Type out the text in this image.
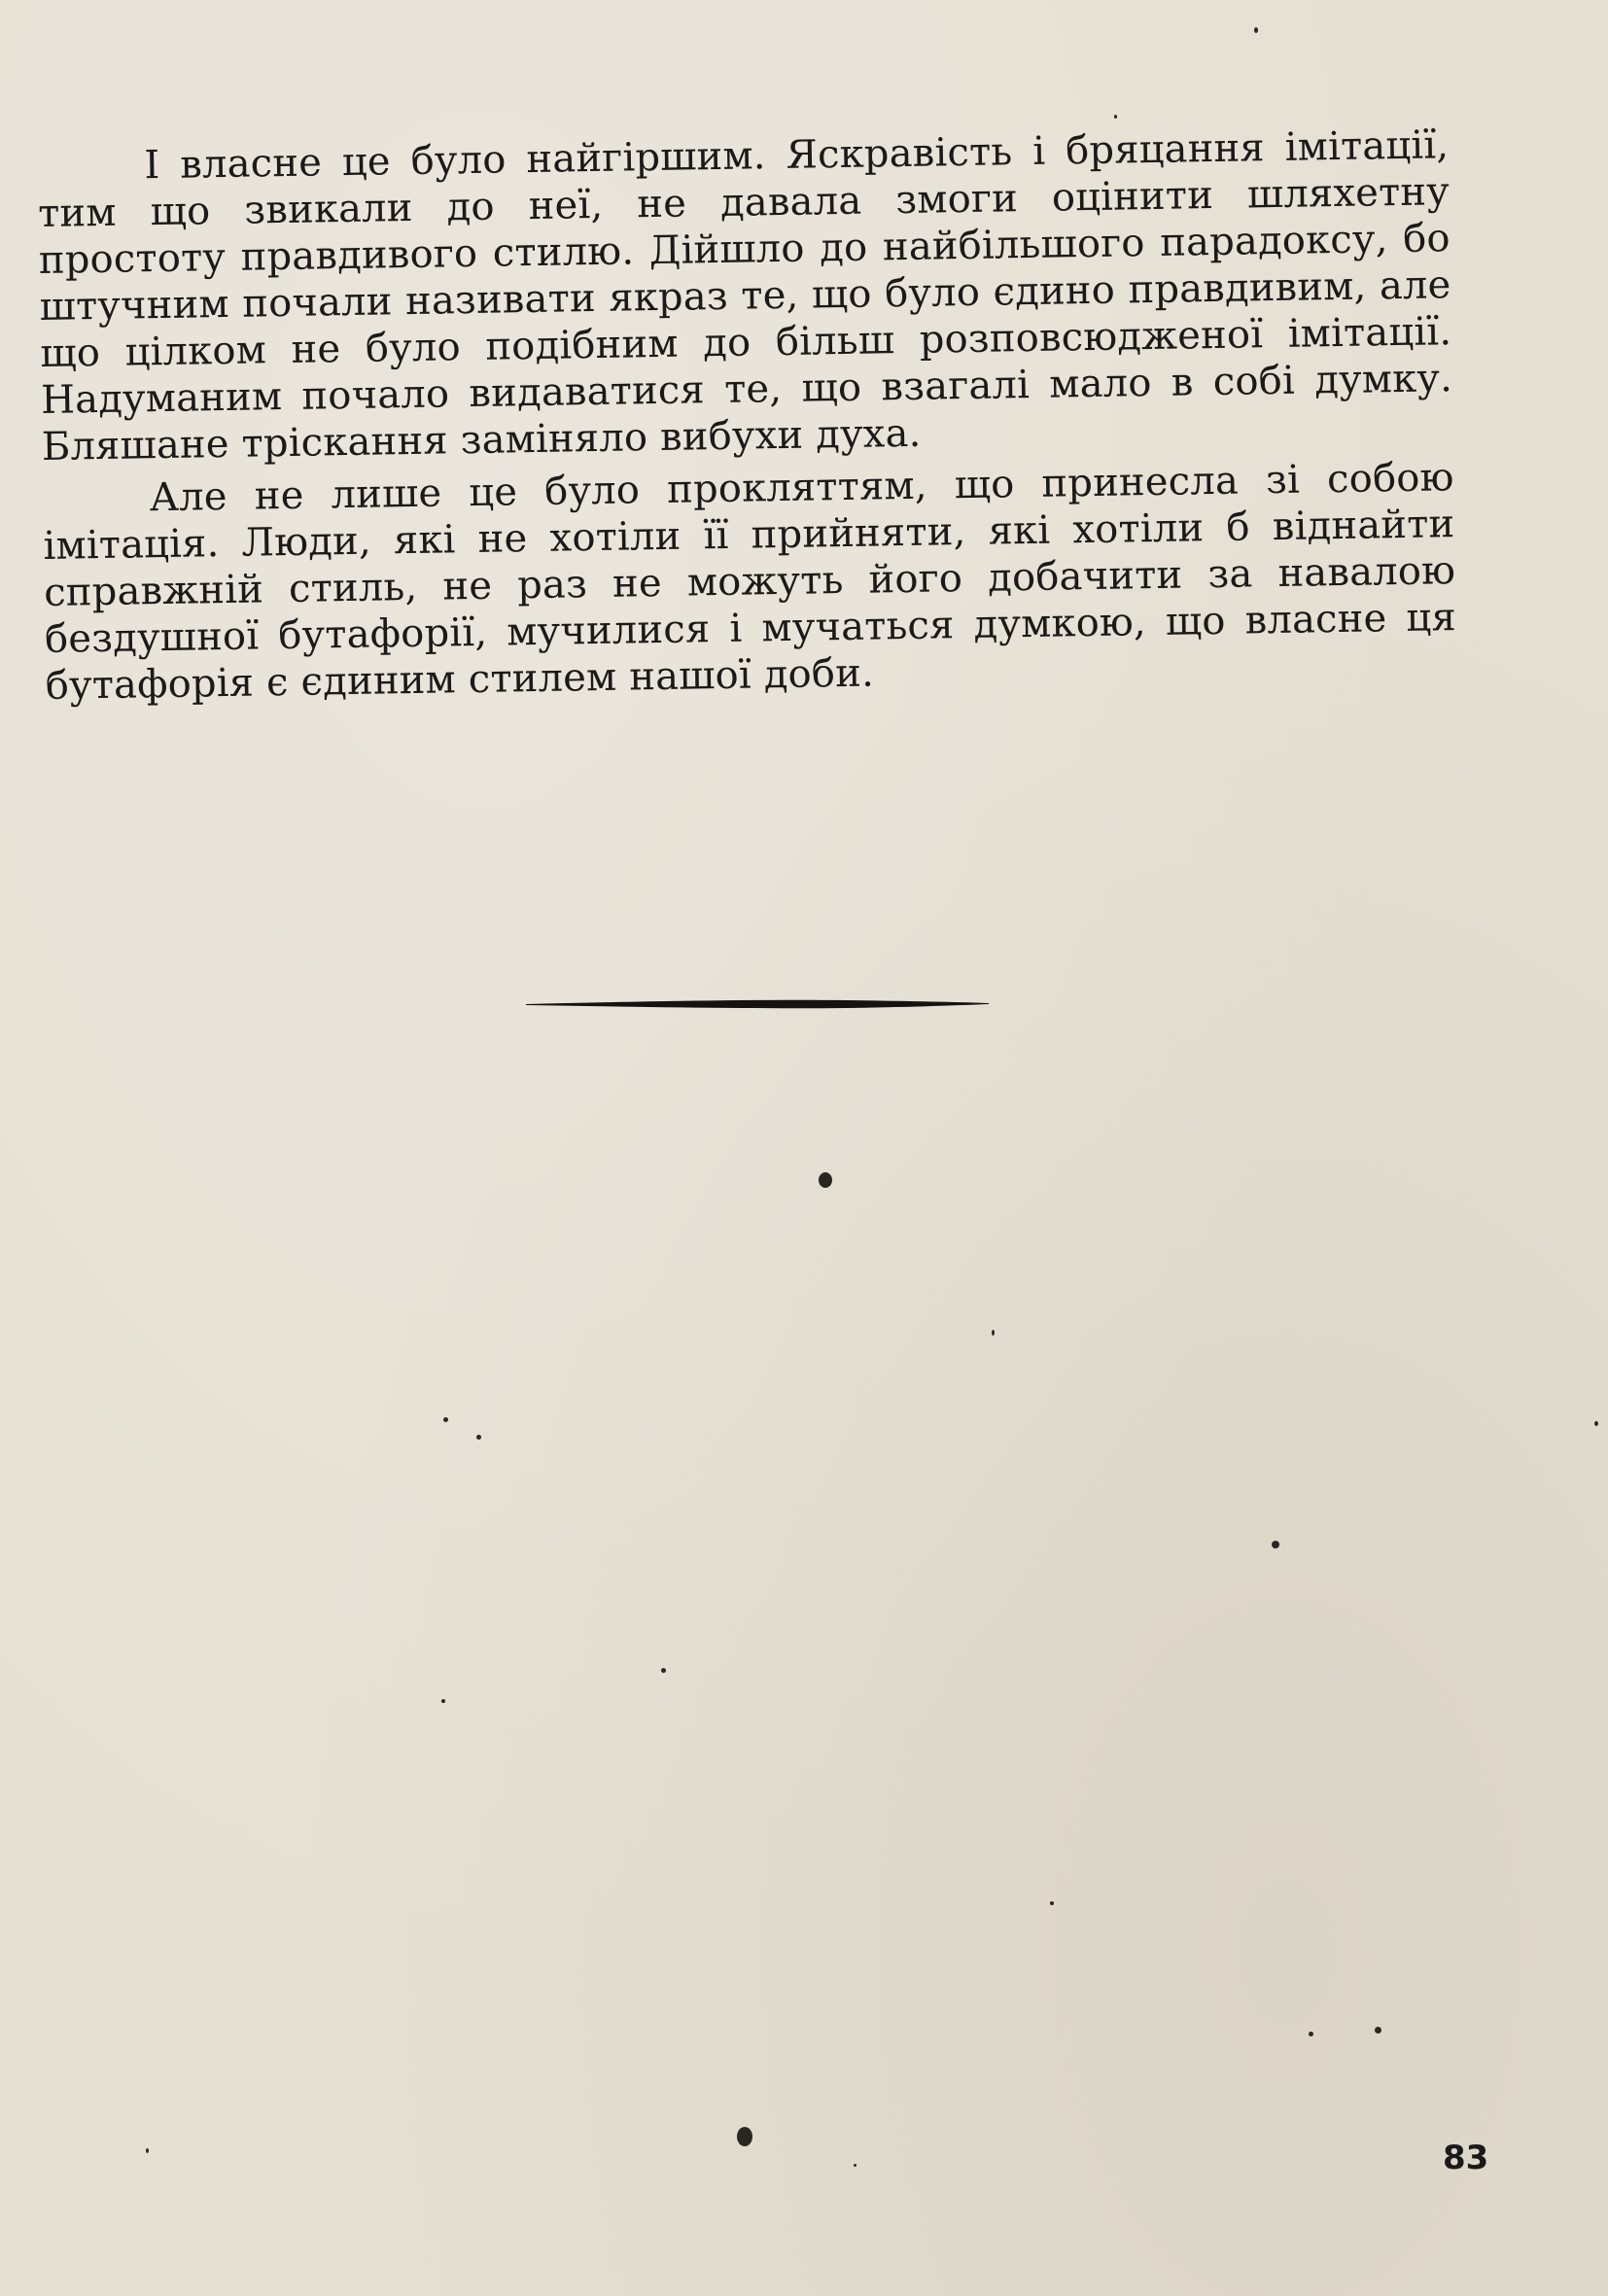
І власне це було найгіршим. Яскравість і бряцання імітації, тим що звикали до неї, не давала змоги оцінити шляхетну простоту правдивого стилю. Дійшло до найбільшого парадоксу, бо штучним почали називати якраз те, що було єдино правдивим, але що цілком не було подібним до більш розповсюдженої імітації. Надуманим почало видаватися те, що взагалі мало в собі думку. Бляшане тріскання заміняло вибухи духа.

Але не лише це було прокляттям, що принесла зі собою імітація. Люди, які не хотіли її прийняти, які хотіли б віднайти справжній стиль, не раз не можуть його добачити за навалою бездушної бутафорії, мучилися і мучаться думкою, що власне ця бутафорія є єдиним стилем нашої доби.

83
